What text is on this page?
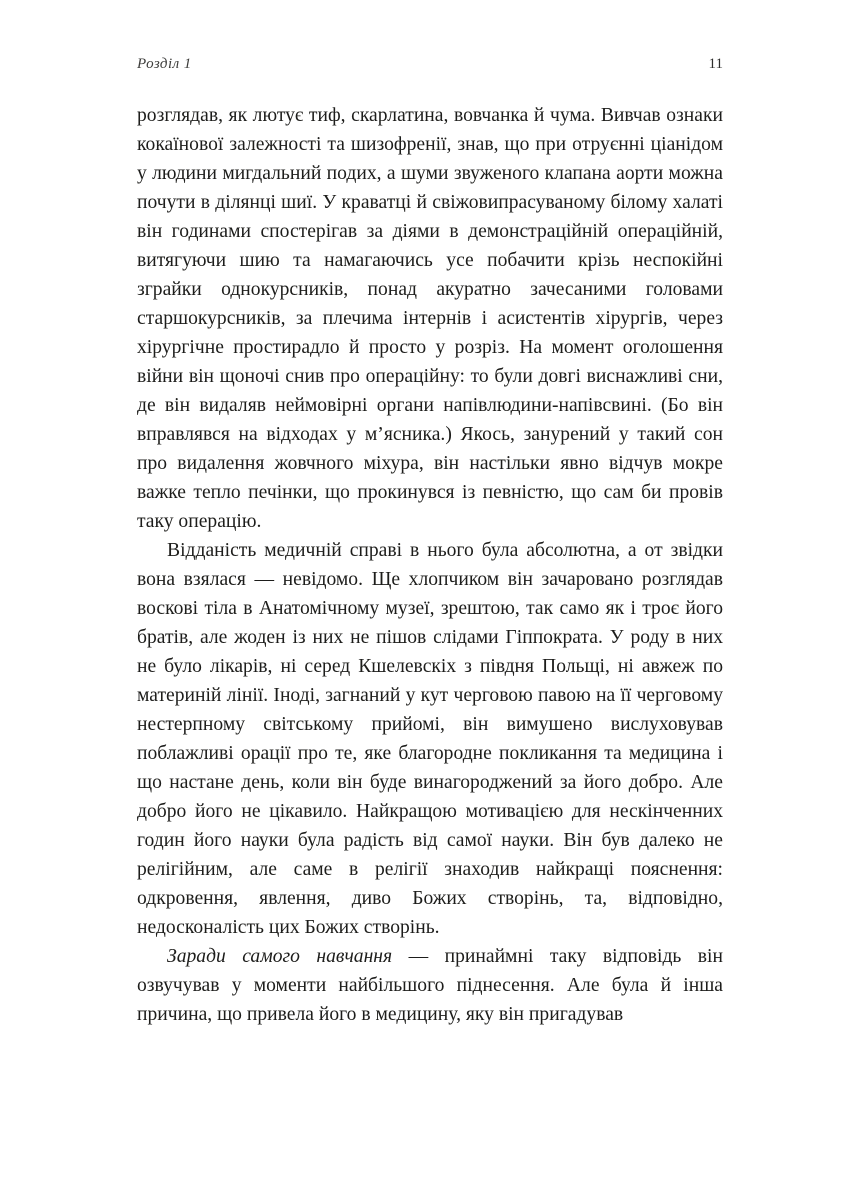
Розділ 1	11

розглядав, як лютує тиф, скарлатина, вовчанка й чума. Вивчав ознаки кокаїнової залежності та шизофренії, знав, що при отруєнні ціанідом у людини мигдальний подих, а шуми звуженого клапана аорти можна почути в ділянці шиї. У краватці й свіжовипрасуваному білому халаті він годинами спостерігав за діями в демонстраційній операційній, витягуючи шию та намагаючись усе побачити крізь неспокійні зграйки однокурсників, понад акуратно зачесаними головами старшокурсників, за плечима інтернів і асистентів хірургів, через хірургічне простирадло й просто у розріз. На момент оголошення війни він щоночі снив про операційну: то були довгі виснажливі сни, де він видаляв неймовірні органи напівлюдини-напівсвині. (Бо він вправлявся на відходах у м’ясника.) Якось, занурений у такий сон про видалення жовчного міхура, він настільки явно відчув мокре важке тепло печінки, що прокинувся із певністю, що сам би провів таку операцію.

Відданість медичній справі в нього була абсолютна, а от звідки вона взялася — невідомо. Ще хлопчиком він зачаровано розглядав воскові тіла в Анатомічному музеї, зрештою, так само як і троє його братів, але жоден із них не пішов слідами Гіппократа. У роду в них не було лікарів, ні серед Кшелевскіх з півдня Польщі, ні авжеж по материній лінії. Іноді, загнаний у кут черговою павою на її черговому нестерпному світському прийомі, він вимушено вислуховував поблажливі орації про те, яке благородне покликання та медицина і що настане день, коли він буде винагороджений за його добро. Але добро його не цікавило. Найкращою мотивацією для нескінченних годин його науки була радість від самої науки. Він був далеко не релігійним, але саме в релігії знаходив найкращі пояснення: одкровення, явлення, диво Божих створінь, та, відповідно, недосконалість цих Божих створінь.

Заради самого навчання — принаймні таку відповідь він озвучував у моменти найбільшого піднесення. Але була й інша причина, що привела його в медицину, яку він пригадував
